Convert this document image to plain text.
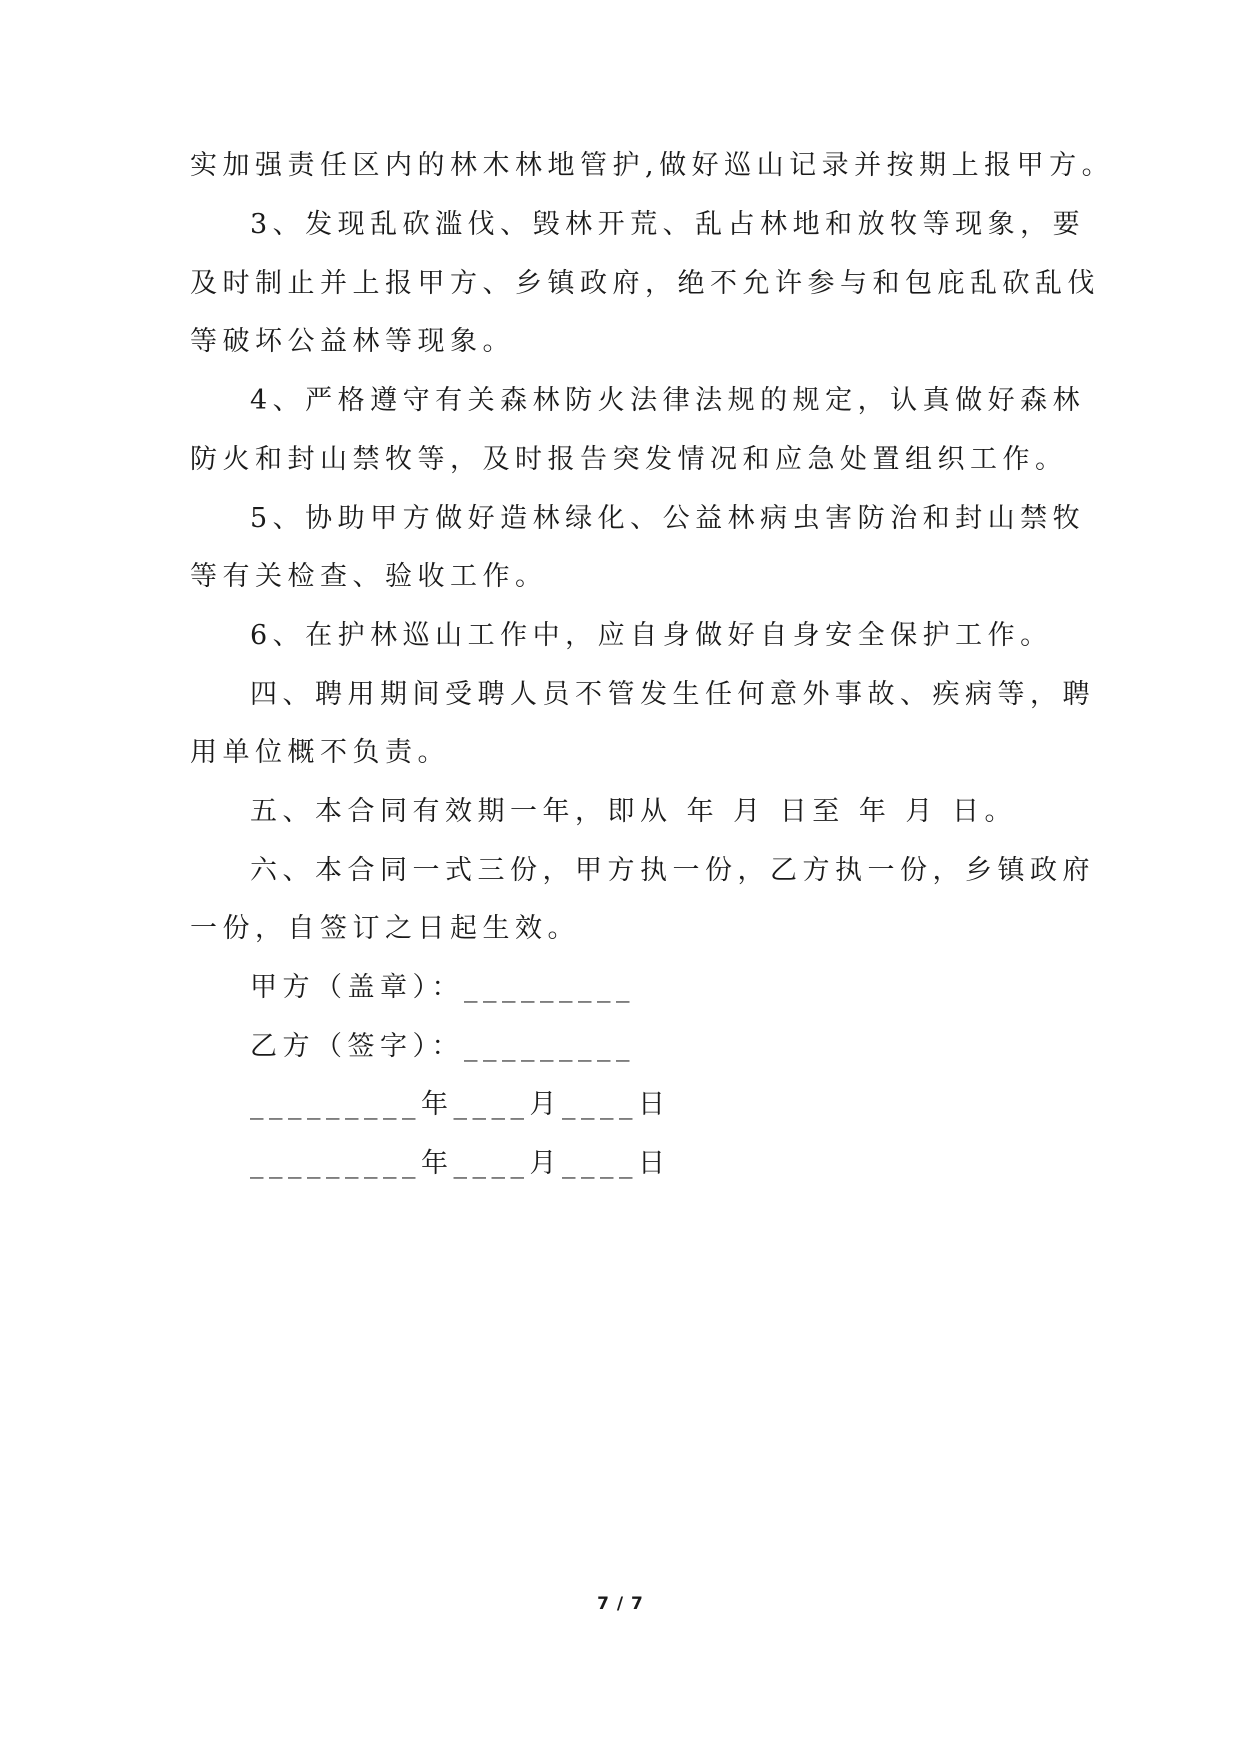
实加强责任区内的林木林地管护,做好巡山记录并按期上报甲方。
3、发现乱砍滥伐、毁林开荒、乱占林地和放牧等现象，要
及时制止并上报甲方、乡镇政府，绝不允许参与和包庇乱砍乱伐
等破坏公益林等现象。
4、严格遵守有关森林防火法律法规的规定，认真做好森林
防火和封山禁牧等，及时报告突发情况和应急处置组织工作。
5、协助甲方做好造林绿化、公益林病虫害防治和封山禁牧
等有关检查、验收工作。
6、在护林巡山工作中，应自身做好自身安全保护工作。
四、聘用期间受聘人员不管发生任何意外事故、疾病等，聘
用单位概不负责。
五、本合同有效期一年，即从 年 月 日至 年 月 日。
六、本合同一式三份，甲方执一份，乙方执一份，乡镇政府
一份，自签订之日起生效。
甲方（盖章）：_________
乙方（签字）：_________
_________年____月____日
_________年____月____日
7 / 7
